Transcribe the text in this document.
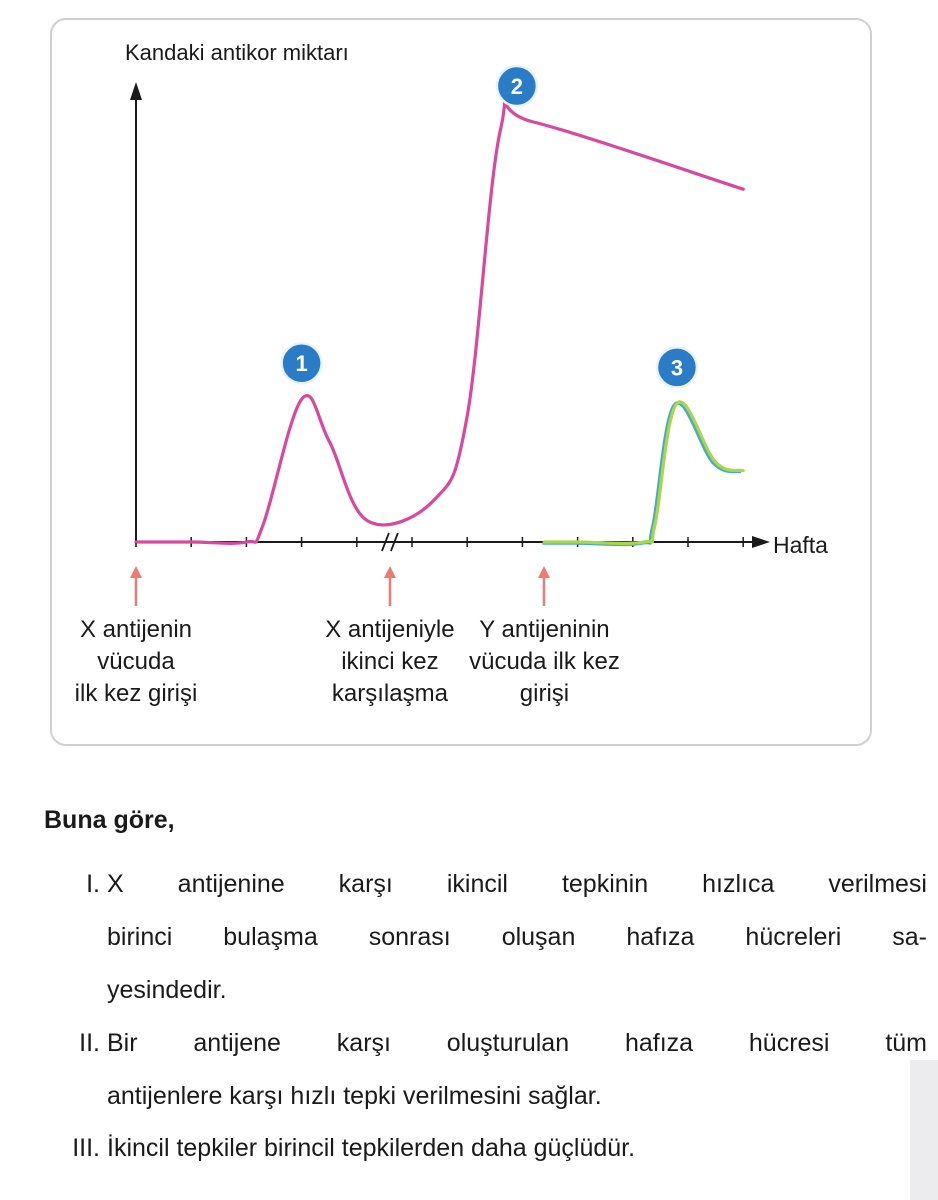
1
2
3
Kandaki antikor miktarı
Hafta
X antijenin
vücuda
ilk kez girişi
X antijeniyle
ikinci kez
karşılaşma
Y antijeninin
vücuda ilk kez
girişi
Buna göre,
I. X antijenine karşı ikincil tepkinin hızlıca verilmesi
birinci bulaşma sonrası oluşan hafıza hücreleri sa-
yesindedir.
II. Bir antijene karşı oluşturulan hafıza hücresi tüm
antijenlere karşı hızlı tepki verilmesini sağlar.
III. İkincil tepkiler birincil tepkilerden daha güçlüdür.
